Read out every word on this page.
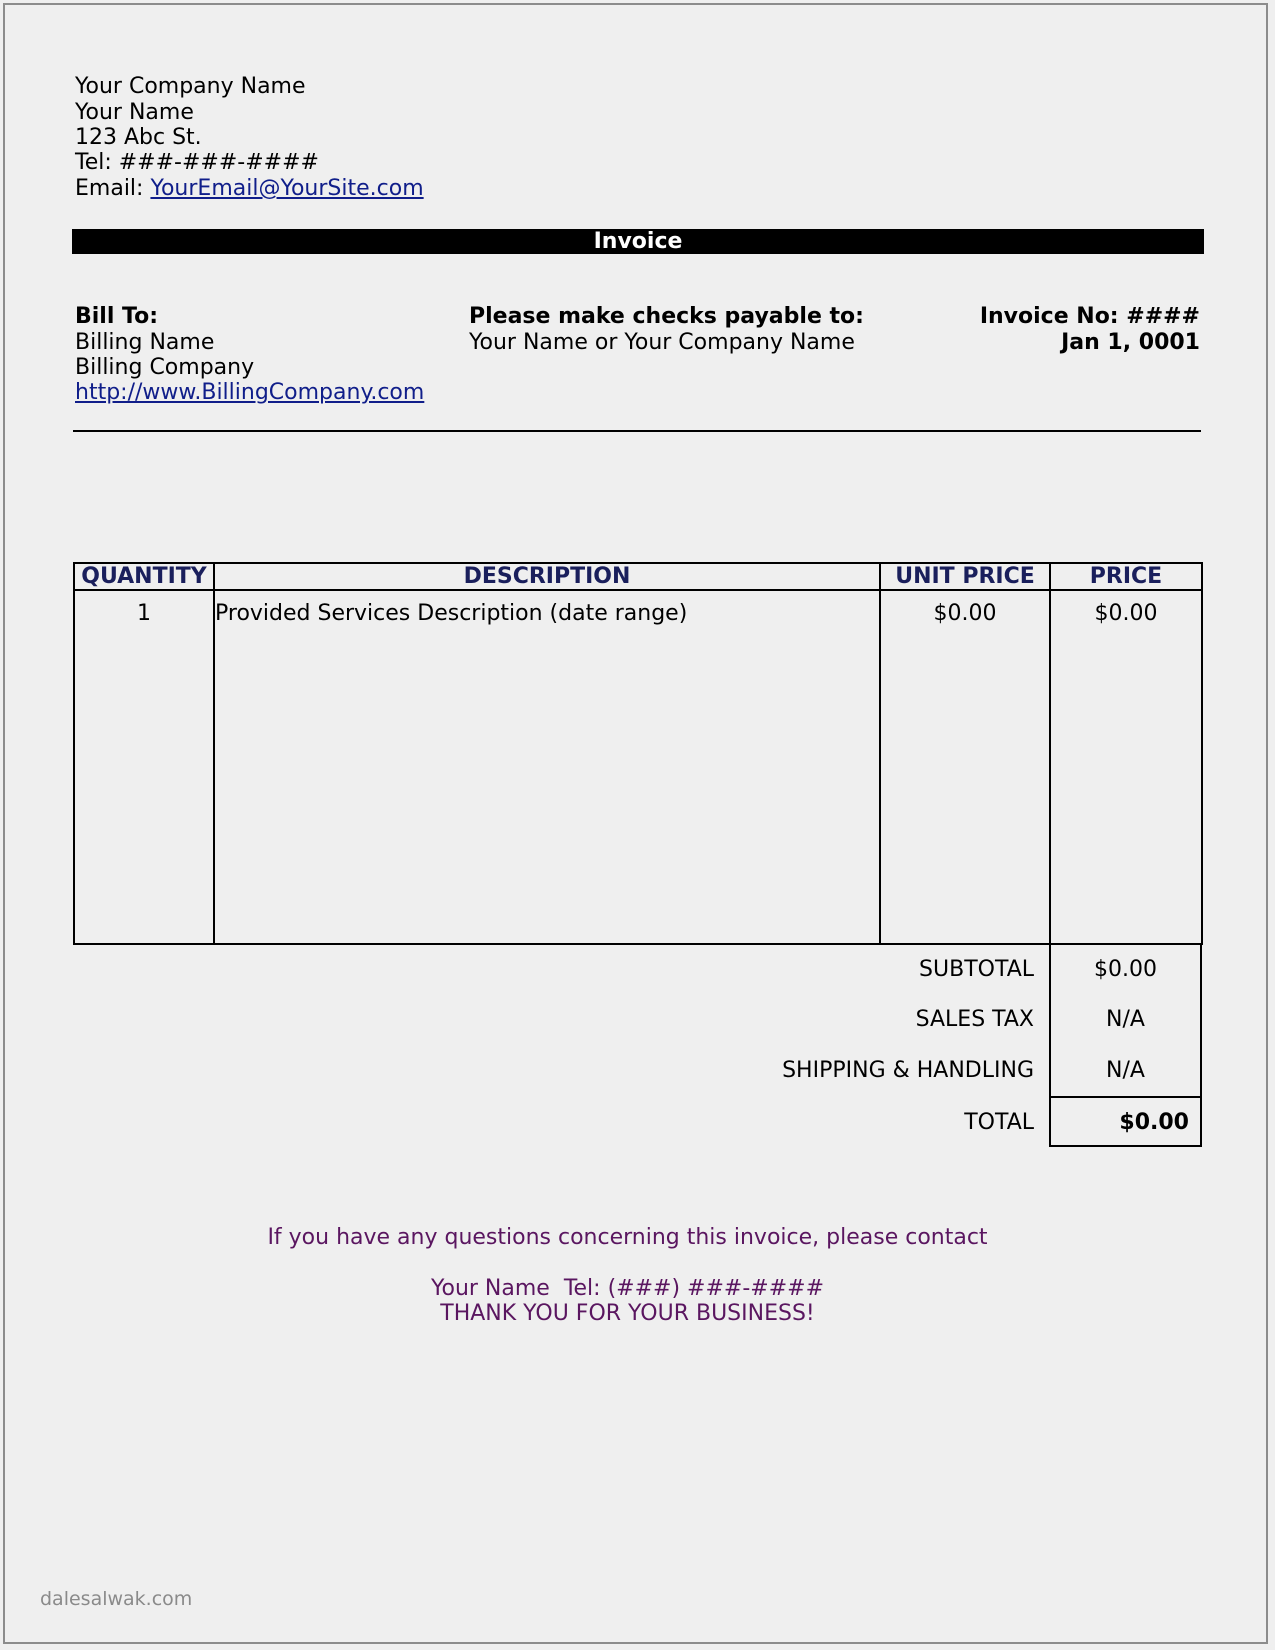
Your Company Name
Your Name
123 Abc St.
Tel: ###-###-####
Email: YourEmail@YourSite.com
Invoice
Bill To:
Billing Name
Billing Company
http://www.BillingCompany.com
Please make checks payable to:
Your Name or Your Company Name
Invoice No: ####
Jan 1, 0001
QUANTITY	DESCRIPTION	UNIT PRICE	PRICE
1	Provided Services Description (date range)	$0.00	$0.00
SUBTOTAL	$0.00
SALES TAX	N/A
SHIPPING & HANDLING	N/A
TOTAL	$0.00
If you have any questions concerning this invoice, please contact
Your Name  Tel: (###) ###-####
THANK YOU FOR YOUR BUSINESS!
dalesalwak.com
